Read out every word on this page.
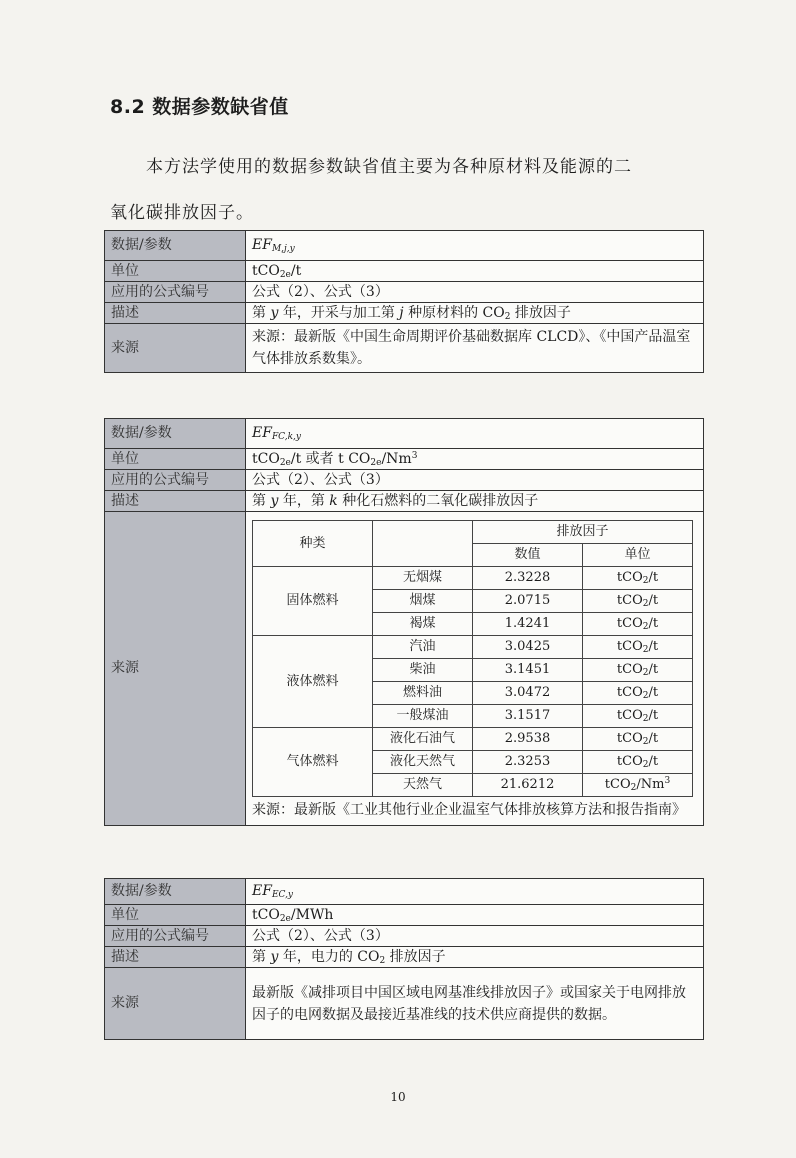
8.2 数据参数缺省值
本方法学使用的数据参数缺省值主要为各种原材料及能源的二
氧化碳排放因子。
数据/参数	$EF_{M,j,y}$
单位	tCO$_{2e}$/t
应用的公式编号	公式（2）、公式（3）
描述	第 y 年，开采与加工第 j 种原材料的 $CO_2$ 排放因子
来源	来源：最新版《中国生命周期评价基础数据库 CLCD》、《中国产品温室气体排放系数集》。
数据/参数	$EF_{FC,k,y}$
单位	tCO$_{2e}$/t 或者 t $CO_{2e}/Nm^3$
应用的公式编号	公式（2）、公式（3）
描述	第 y 年，第 k 种化石燃料的二氧化碳排放因子
来源	
种类		排放因子
数值	单位
固体燃料	无烟煤	2.3228	tCO$_2$/t
烟煤	2.0715	tCO$_2$/t
褐煤	1.4241	tCO$_2$/t
液体燃料	汽油	3.0425	tCO$_2$/t
柴油	3.1451	tCO$_2$/t
燃料油	3.0472	tCO$_2$/t
一般煤油	3.1517	tCO$_2$/t
气体燃料	液化石油气	2.9538	tCO$_2$/t
液化天然气	2.3253	tCO$_2$/t
天然气	21.6212	$tCO_2/Nm^3$
来源：最新版《工业其他行业企业温室气体排放核算方法和报告指南》
数据/参数	$EF_{EC,y}$
单位	tCO$_{2e}$/MWh
应用的公式编号	公式（2）、公式（3）
描述	第 y 年，电力的 $CO_2$ 排放因子
来源	最新版《减排项目中国区域电网基准线排放因子》或国家关于电网排放因子的电网数据及最接近基准线的技术供应商提供的数据。
10
